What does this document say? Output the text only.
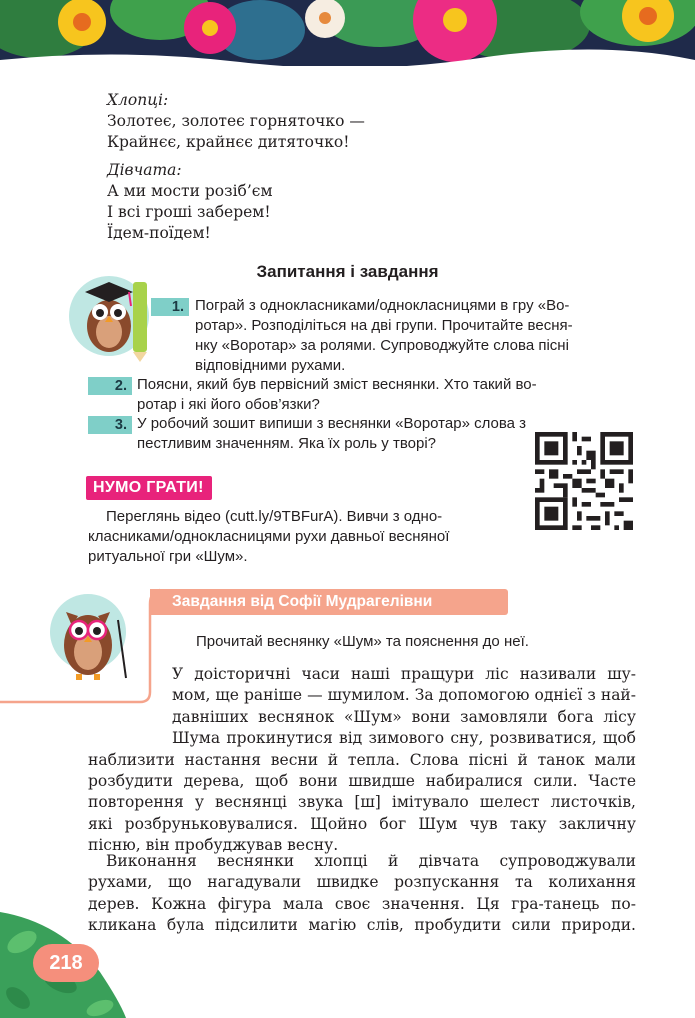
Хлопці:
Золотеє, золотеє горняточко —
Крайнєє, крайнєє дитяточко!
Дівчата:
А ми мости розіб’єм
І всі гроші заберем!
Їдем-поїдем!
Запитання і завдання
1. Пограй з однокласниками/однокласницями в гру «Во-
ротар». Розподіліться на дві групи. Прочитайте весня-
нку «Воротар» за ролями. Супроводжуйте слова пісні
відповідними рухами.
2. Поясни, який був первісний зміст веснянки. Хто такий во-
ротар і які його обов’язки?
3. У робочий зошит випиши з веснянки «Воротар» слова з
пестливим значенням. Яка їх роль у творі?
НУМО ГРАТИ!
Переглянь відео (cutt.ly/9TBFurA). Вивчи з одно-
класниками/однокласницями рухи давньої весняної
ритуальної гри «Шум».
Завдання від Софії Мудрагелівни
Прочитай веснянку «Шум» та пояснення до неї.
У доісторичні часи наші пращури ліс називали шу-
мом, ще раніше — шумилом. За допомогою однієї з най-
давніших веснянок «Шум» вони замовляли бога лісу
Шума прокинутися від зимового сну, розвиватися, щоб
наблизити настання весни й тепла. Слова пісні й танок мали
розбудити дерева, щоб вони швидше набиралися сили. Часте
повторення у веснянці звука [ш] імітувало шелест листочків,
які розбруньковувалися. Щойно бог Шум чув таку закличну
пісню, він пробуджував весну.
Виконання веснянки хлопці й дівчата супроводжували
рухами, що нагадували швидке розпускання та колихання
дерев. Кожна фігура мала своє значення. Ця гра-танець по-
кликана була підсилити магію слів, пробудити сили природи.
218
